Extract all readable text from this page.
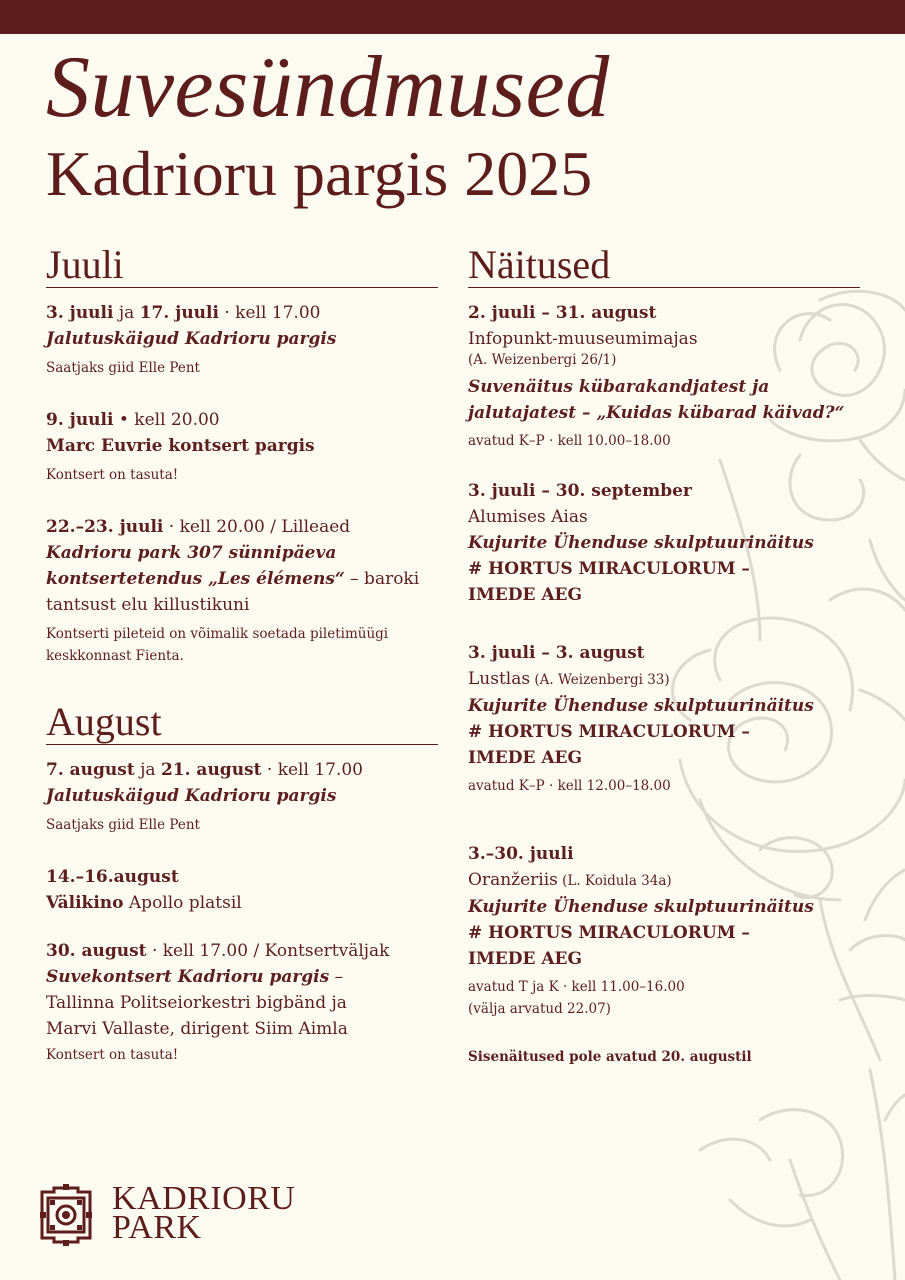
Suvesündmused
Kadrioru pargis 2025
Juuli
3. juuli ja 17. juuli · kell 17.00
Jalutuskäigud Kadrioru pargis
Saatjaks giid Elle Pent
9. juuli • kell 20.00
Marc Euvrie kontsert pargis
Kontsert on tasuta!
22.–23. juuli · kell 20.00 / Lilleaed
Kadrioru park 307 sünnipäeva
kontsertetendus „Les élémens“ – baroki
tantsust elu killustikuni
Kontserti pileteid on võimalik soetada piletimüügi
keskkonnast Fienta.
August
7. august ja 21. august · kell 17.00
Jalutuskäigud Kadrioru pargis
Saatjaks giid Elle Pent
14.–16.august
Välikino Apollo platsil
30. august · kell 17.00 / Kontsertväljak
Suvekontsert Kadrioru pargis –
Tallinna Politseiorkestri bigbänd ja
Marvi Vallaste, dirigent Siim Aimla
Kontsert on tasuta!
Näitused
2. juuli – 31. august
Infopunkt-muuseumimajas
(A. Weizenbergi 26/1)
Suvenäitus kübarakandjatest ja
jalutajatest – „Kuidas kübarad käivad?“
avatud K–P · kell 10.00–18.00
3. juuli – 30. september
Alumises Aias
Kujurite Ühenduse skulptuurinäitus
# HORTUS MIRACULORUM –
IMEDE AEG
3. juuli – 3. august
Lustlas (A. Weizenbergi 33)
Kujurite Ühenduse skulptuurinäitus
# HORTUS MIRACULORUM –
IMEDE AEG
avatud K–P · kell 12.00–18.00
3.–30. juuli
Oranžeriis (L. Koidula 34a)
Kujurite Ühenduse skulptuurinäitus
# HORTUS MIRACULORUM –
IMEDE AEG
avatud T ja K · kell 11.00–16.00
(välja arvatud 22.07)
Sisenäitused pole avatud 20. augustil
KADRIORU
PARK
